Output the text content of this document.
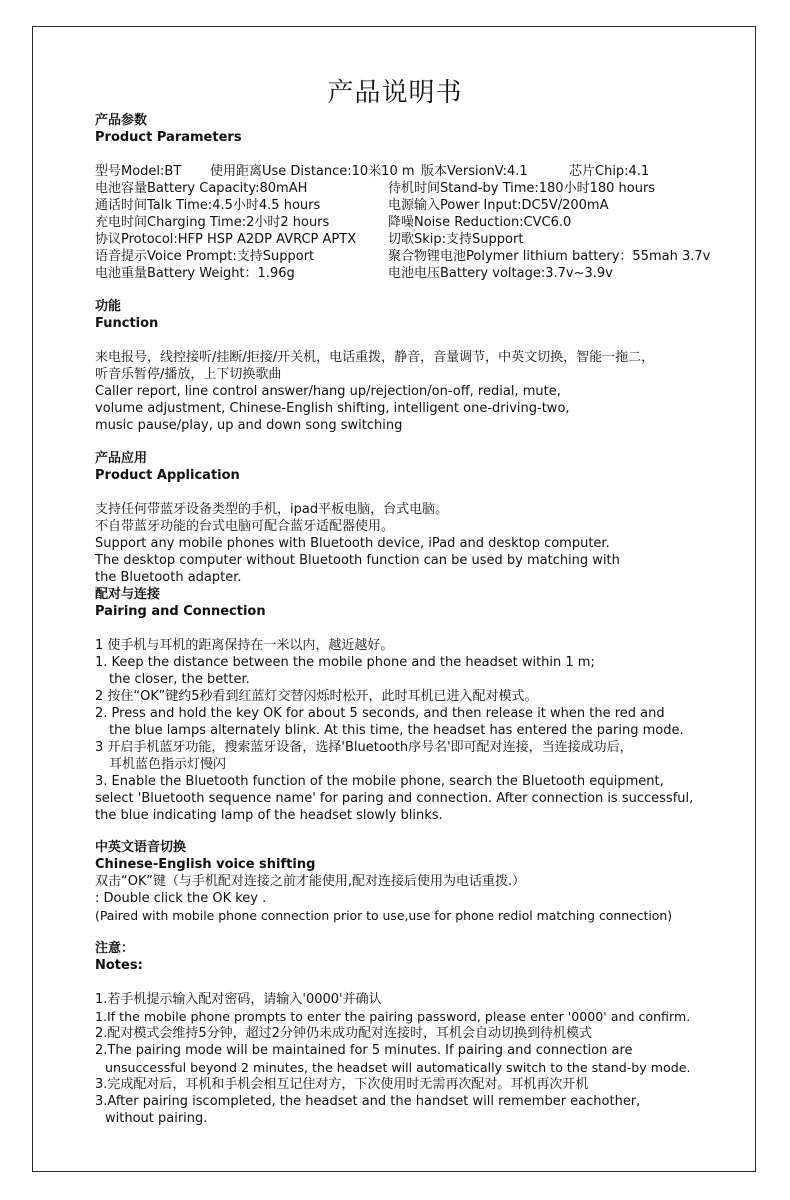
产品说明书
产品参数
Product Parameters
型号Model:BT 使用距离Use Distance:10米10 m 版本VersionV:4.1	芯片Chip:4.1
电池容量Battery Capacity:80mAH	待机时间Stand-by Time:180小时180 hours
通话时间Talk Time:4.5小时4.5 hours	电源输入Power Input:DC5V/200mA
充电时间Charging Time:2小时2 hours	降噪Noise Reduction:CVC6.0
协议Protocol:HFP HSP A2DP AVRCP APTX 切歌Skip:支持Support
语音提示Voice Prompt:支持Support	聚合物锂电池Polymer lithium battery：55mah 3.7v
电池重量Battery Weight：1.96g	电池电压Battery voltage:3.7v~3.9v
功能
Function
来电报号，线控接听/挂断/拒接/开关机，电话重拨，静音，音量调节，中英文切换，智能一拖二，
听音乐暂停/播放，上下切换歌曲
Caller report, line control answer/hang up/rejection/on-off, redial, mute,
volume adjustment, Chinese-English shifting, intelligent one-driving-two,
music pause/play, up and down song switching
产品应用
Product Application
支持任何带蓝牙设备类型的手机，ipad平板电脑，台式电脑。
不自带蓝牙功能的台式电脑可配合蓝牙适配器使用。
Support any mobile phones with Bluetooth device, iPad and desktop computer.
The desktop computer without Bluetooth function can be used by matching with
the Bluetooth adapter.
配对与连接
Pairing and Connection
1 使手机与耳机的距离保持在一米以内，越近越好。
1. Keep the distance between the mobile phone and the headset within 1 m;
the closer, the better.
2 按住“OK”键约5秒看到红蓝灯交替闪烁时松开，此时耳机已进入配对模式。
2. Press and hold the key OK for about 5 seconds, and then release it when the red and
the blue lamps alternately blink. At this time, the headset has entered the paring mode.
3 开启手机蓝牙功能，搜索蓝牙设备，选择'Bluetooth序号名'即可配对连接，当连接成功后，
耳机蓝色指示灯慢闪
3. Enable the Bluetooth function of the mobile phone, search the Bluetooth equipment,
select 'Bluetooth sequence name' for paring and connection. After connection is successful,
the blue indicating lamp of the headset slowly blinks.
中英文语音切换
Chinese-English voice shifting
双击“OK”键（与手机配对连接之前才能使用,配对连接后使用为电话重拨.）
: Double click the OK key .
(Paired with mobile phone connection prior to use,use for phone rediol matching connection)
注意：
Notes:
1.若手机提示输入配对密码，请输入'0000'并确认
1.If the mobile phone prompts to enter the pairing password, please enter '0000' and confirm.
2.配对模式会维持5分钟，超过2分钟仍未成功配对连接时，耳机会自动切换到待机模式
2.The pairing mode will be maintained for 5 minutes. If pairing and connection are
unsuccessful beyond 2 minutes, the headset will automatically switch to the stand-by mode.
3.完成配对后，耳机和手机会相互记住对方，下次使用时无需再次配对。耳机再次开机
3.After pairing iscompleted, the headset and the handset will remember eachother,
without pairing.
